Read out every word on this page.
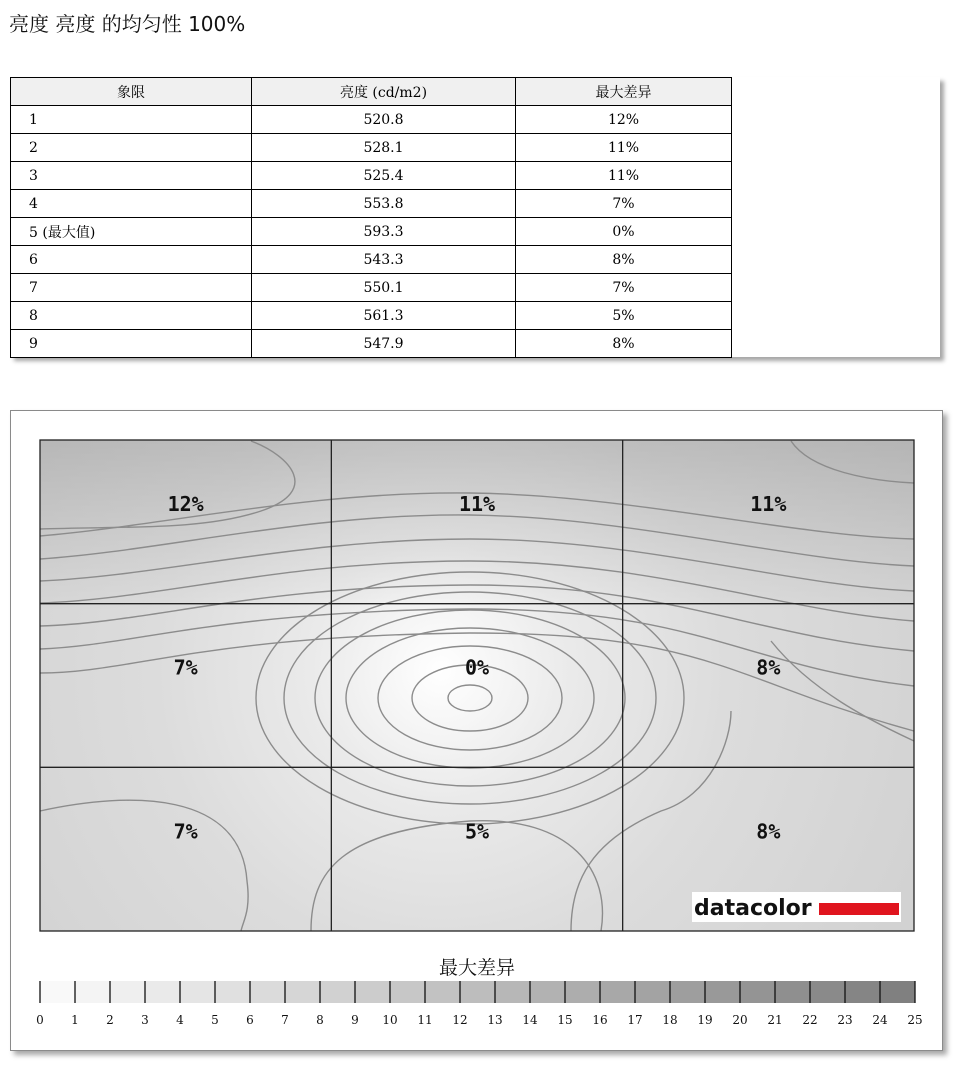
亮度 亮度 的均匀性 100%
象限	亮度 (cd/m2)	最大差异
1	520.8	12%
2	528.1	11%
3	525.4	11%
4	553.8	7%
5 (最大值)	593.3	0%
6	543.3	8%
7	550.1	7%
8	561.3	5%
9	547.9	8%
12%	11%	11%
7%	0%	8%
7%	5%	8%
datacolor
最大差异
0 1 2 3 4 5 6 7 8 9 10 11 12 13 14 15 16 17 18 19 20 21 22 23 24 25
